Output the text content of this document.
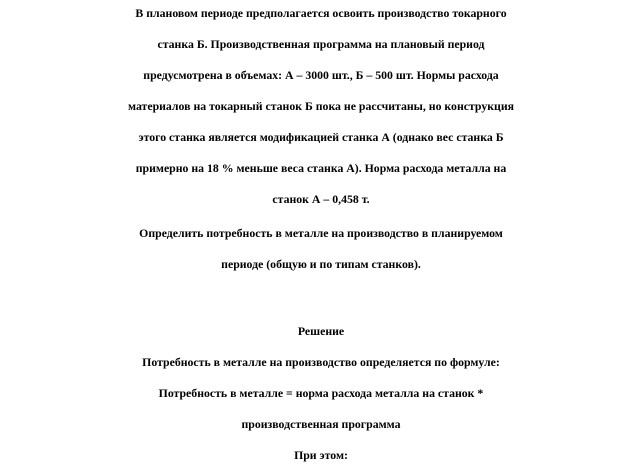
В плановом периоде предполагается освоить производство токарного
станка Б. Производственная программа на плановый период
предусмотрена в объемах: А – 3000 шт., Б – 500 шт. Нормы расхода
материалов на токарный станок Б пока не рассчитаны, но конструкция
этого станка является модификацией станка А (однако вес станка Б
примерно на 18 % меньше веса станка А). Норма расхода металла на
станок А – 0,458 т.
Определить потребность в металле на производство в планируемом
периоде (общую и по типам станков).
Решение
Потребность в металле на производство определяется по формуле:
Потребность в металле = норма расхода металла на станок *
производственная программа
При этом:
